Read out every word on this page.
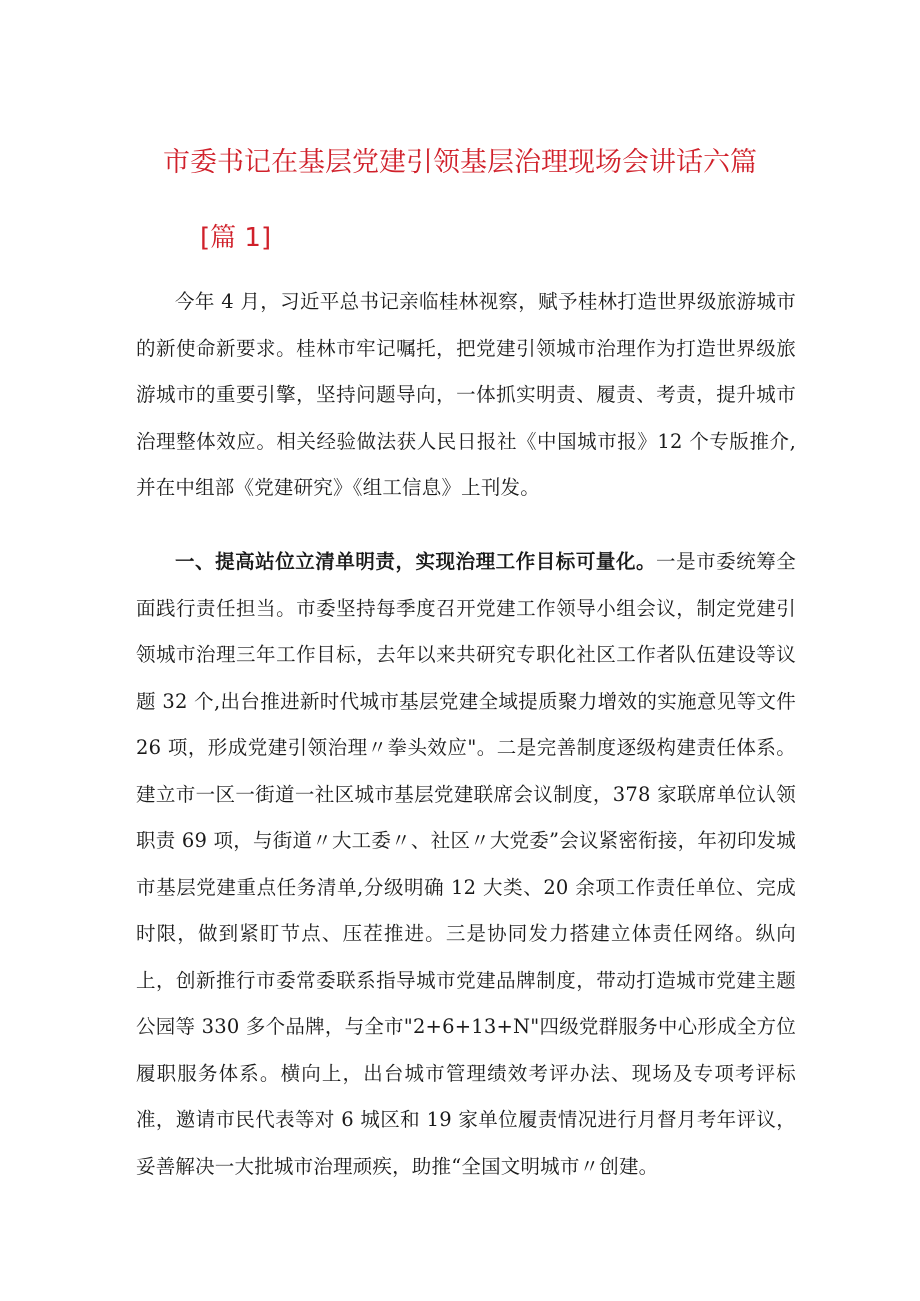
市委书记在基层党建引领基层治理现场会讲话六篇
[篇 1]

今年 4 月，习近平总书记亲临桂林视察，赋予桂林打造世界级旅游城市的新使命新要求。桂林市牢记嘱托，把党建引领城市治理作为打造世界级旅游城市的重要引擎，坚持问题导向，一体抓实明责、履责、考责，提升城市治理整体效应。相关经验做法获人民日报社《中国城市报》12 个专版推介,并在中组部《党建研究》《组工信息》上刊发。

一、提高站位立清单明责，实现治理工作目标可量化。一是市委统筹全面践行责任担当。市委坚持每季度召开党建工作领导小组会议，制定党建引领城市治理三年工作目标，去年以来共研究专职化社区工作者队伍建设等议题 32 个,出台推进新时代城市基层党建全域提质聚力增效的实施意见等文件 26 项，形成党建引领治理〃拳头效应"。二是完善制度逐级构建责任体系。建立市一区一街道一社区城市基层党建联席会议制度，378 家联席单位认领职责 69 项，与街道〃大工委〃、社区〃大党委”会议紧密衔接，年初印发城市基层党建重点任务清单,分级明确 12 大类、20 余项工作责任单位、完成时限，做到紧盯节点、压茬推进。三是协同发力搭建立体责任网络。纵向上，创新推行市委常委联系指导城市党建品牌制度，带动打造城市党建主题公园等 330 多个品牌，与全市"2+6+13+N"四级党群服务中心形成全方位履职服务体系。横向上，出台城市管理绩效考评办法、现场及专项考评标准，邀请市民代表等对 6 城区和 19 家单位履责情况进行月督月考年评议，妥善解决一大批城市治理顽疾，助推“全国文明城市〃创建。
